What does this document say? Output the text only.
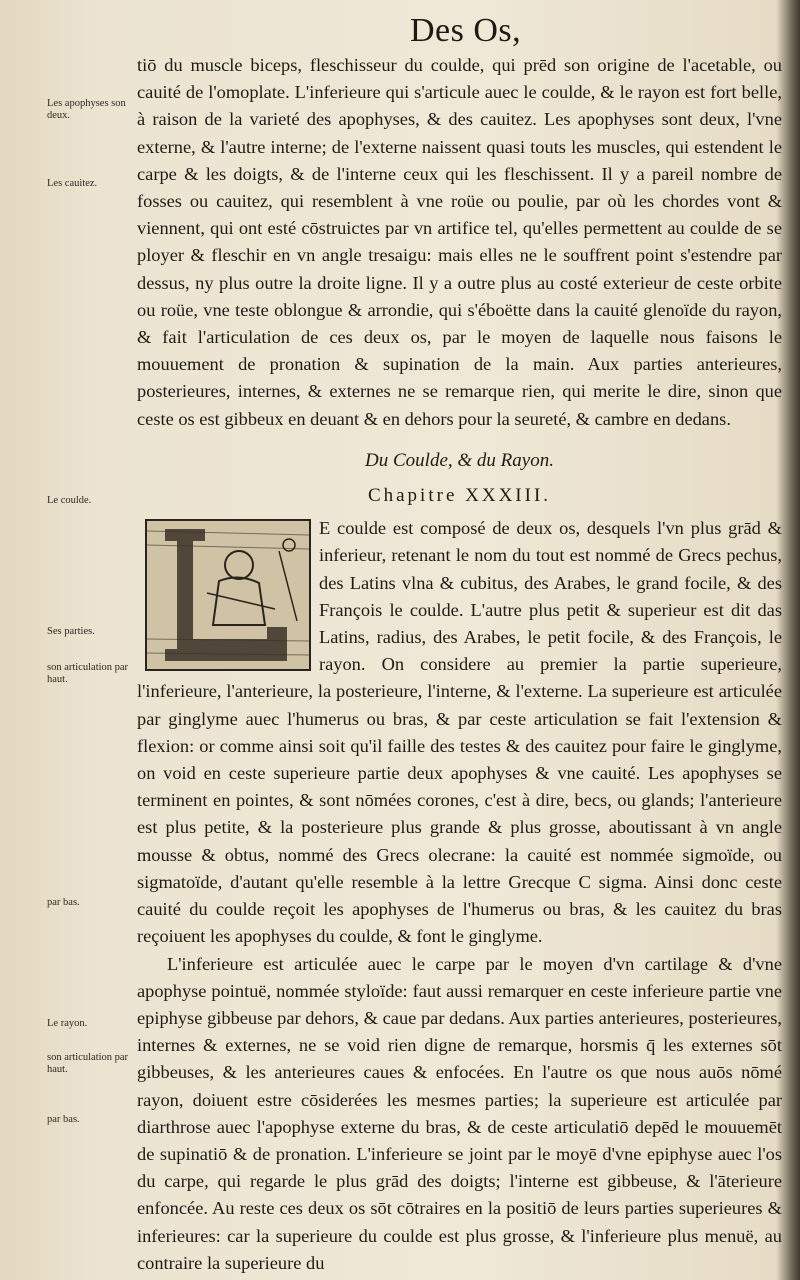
Des Os,
Les apophyses son deux.
Les cauitez.
Le coulde.
Ses parties.
son articulation par haut.
par bas.
Le rayon.
son articulation par haut.
par bas.

tiō du muscle biceps, fleschisseur du coulde, qui prēd son origine de l'acetable, ou cauité de l'omoplate. L'inferieure qui s'articule auec le coulde, & le rayon est fort belle, à raison de la varieté des apophyses, & des cauitez. Les apophyses sont deux, l'vne externe, & l'autre interne; de l'externe naissent quasi touts les muscles, qui estendent le carpe & les doigts, & de l'interne ceux qui les fleschissent. Il y a pareil nombre de fosses ou cauitez, qui resemblent à vne roüe ou poulie, par où les chordes vont & viennent, qui ont esté cōstruictes par vn artifice tel, qu'elles permettent au coulde de se ployer & fleschir en vn angle tresaigu: mais elles ne le souffrent point s'estendre par dessus, ny plus outre la droite ligne. Il y a outre plus au costé exterieur de ceste orbite ou roüe, vne teste oblongue & arrondie, qui s'éboëtte dans la cauité glenoïde du rayon, & fait l'articulation de ces deux os, par le moyen de laquelle nous faisons le mouuement de pronation & supination de la main. Aux parties anterieures, posterieures, internes, & externes ne se remarque rien, qui merite le dire, sinon que ceste os est gibbeux en deuant & en dehors pour la seureté, & cambre en dedans.

Du Coulde, & du Rayon.
Chapitre XXXIII.

E coulde est composé de deux os, desquels l'vn plus grād & inferieur, retenant le nom du tout est nommé de Grecs pechus, des Latins vlna & cubitus, des Arabes, le grand focile, & des François le coulde. L'autre plus petit & superieur est dit das Latins, radius, des Arabes, le petit focile, & des François, le rayon. On considere au premier la partie superieure, l'inferieure, l'anterieure, la posterieure, l'interne, & l'externe. La superieure est articulée par ginglyme auec l'humerus ou bras, & par ceste articulation se fait l'extension & flexion: or comme ainsi soit qu'il faille des testes & des cauitez pour faire le ginglyme, on void en ceste superieure partie deux apophyses & vne cauité. Les apophyses se terminent en pointes, & sont nōmées corones, c'est à dire, becs, ou glands; l'anterieure est plus petite, & la posterieure plus grande & plus grosse, aboutissant à vn angle mousse & obtus, nommé des Grecs olecrane: la cauité est nommée sigmoïde, ou sigmatoïde, d'autant qu'elle resemble à la lettre Grecque Ϲ sigma. Ainsi donc ceste cauité du coulde reçoit les apophyses de l'humerus ou bras, & les cauitez du bras reçoiuent les apophyses du coulde, & font le ginglyme.

L'inferieure est articulée auec le carpe par le moyen d'vn cartilage & d'vne apophyse pointuë, nommée styloïde: faut aussi remarquer en ceste inferieure partie vne epiphyse gibbeuse par dehors, & caue par dedans. Aux parties anterieures, posterieures, internes & externes, ne se void rien digne de remarque, horsmis q̄ les externes sōt gibbeuses, & les anterieures caues & enfocées. En l'autre os que nous auōs nōmé rayon, doiuent estre cōsiderées les mesmes parties; la superieure est articulée par diarthrose auec l'apophyse externe du bras, & de ceste articulatiō depēd le mouuemēt de supinatiō & de pronation. L'inferieure se joint par le moyē d'vne epiphyse auec l'os du carpe, qui regarde le plus grād des doigts; l'interne est gibbeuse, & l'āterieure enfoncée. Au reste ces deux os sōt cōtraires en la positiō de leurs parties superieures & inferieures: car la superieure du coulde est plus grosse, & l'inferieure plus menuë, au contraire la superieure du
